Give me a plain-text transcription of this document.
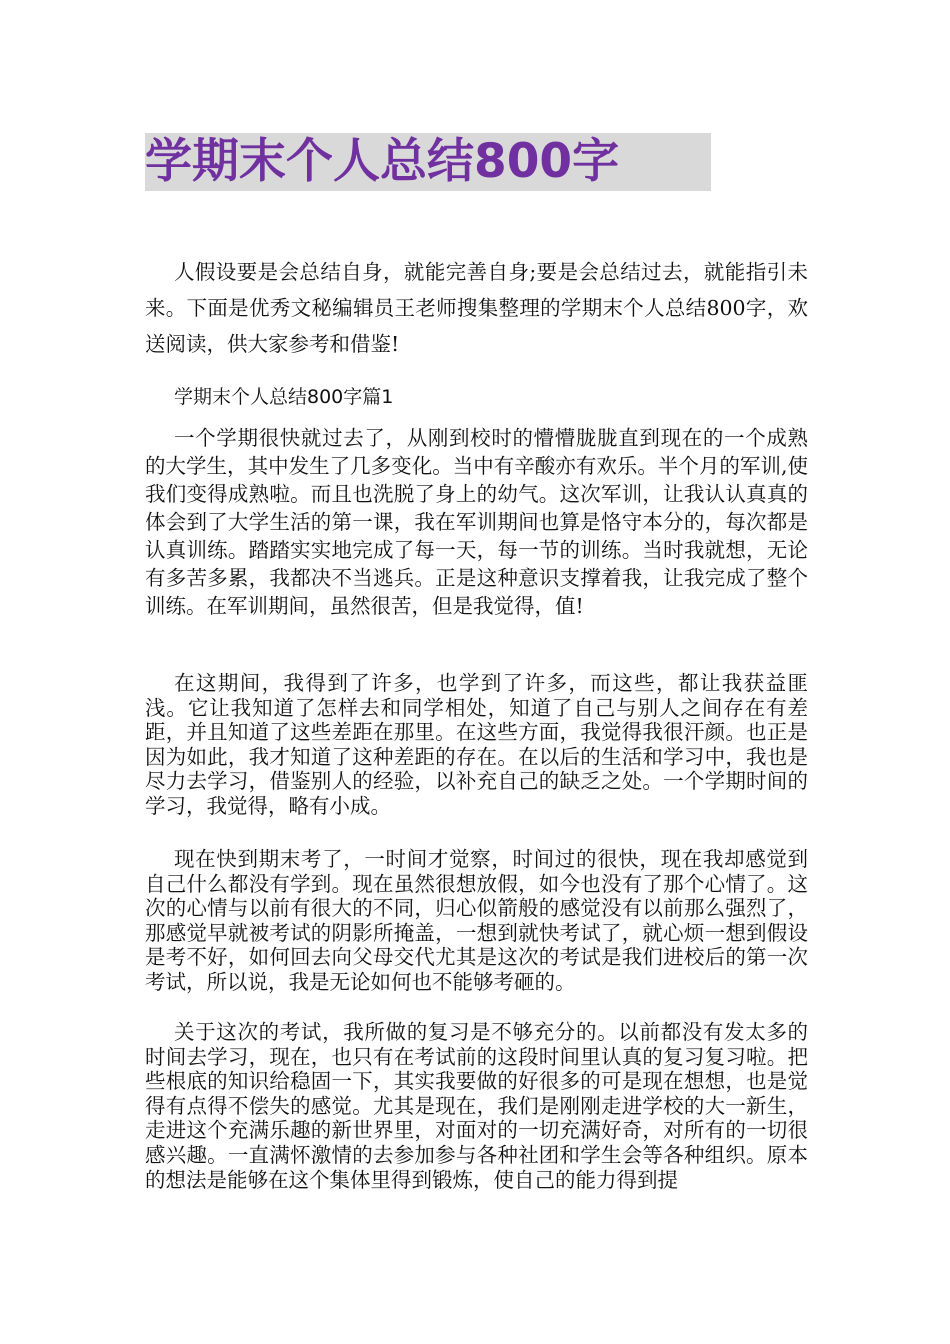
学期末个人总结800字

人假设要是会总结自身，就能完善自身;要是会总结过去，就能指引未来。下面是优秀文秘编辑员王老师搜集整理的学期末个人总结800字，欢送阅读，供大家参考和借鉴!

学期末个人总结800字篇1

一个学期很快就过去了，从刚到校时的懵懵胧胧直到现在的一个成熟的大学生，其中发生了几多变化。当中有辛酸亦有欢乐。半个月的军训,使我们变得成熟啦。而且也洗脱了身上的幼气。这次军训，让我认认真真的体会到了大学生活的第一课，我在军训期间也算是恪守本分的，每次都是认真训练。踏踏实实地完成了每一天，每一节的训练。当时我就想，无论有多苦多累，我都决不当逃兵。正是这种意识支撑着我，让我完成了整个训练。在军训期间，虽然很苦，但是我觉得，值!

在这期间，我得到了许多，也学到了许多，而这些，都让我获益匪浅。它让我知道了怎样去和同学相处，知道了自己与别人之间存在有差距，并且知道了这些差距在那里。在这些方面，我觉得我很汗颜。也正是因为如此，我才知道了这种差距的存在。在以后的生活和学习中，我也是尽力去学习，借鉴别人的经验，以补充自己的缺乏之处。一个学期时间的学习，我觉得，略有小成。

现在快到期末考了，一时间才觉察，时间过的很快，现在我却感觉到自己什么都没有学到。现在虽然很想放假，如今也没有了那个心情了。这次的心情与以前有很大的不同，归心似箭般的感觉没有以前那么强烈了，那感觉早就被考试的阴影所掩盖，一想到就快考试了，就心烦一想到假设是考不好，如何回去向父母交代尤其是这次的考试是我们进校后的第一次考试，所以说，我是无论如何也不能够考砸的。

关于这次的考试，我所做的复习是不够充分的。以前都没有发太多的时间去学习，现在，也只有在考试前的这段时间里认真的复习复习啦。把些根底的知识给稳固一下，其实我要做的好很多的可是现在想想，也是觉得有点得不偿失的感觉。尤其是现在，我们是刚刚走进学校的大一新生，走进这个充满乐趣的新世界里，对面对的一切充满好奇，对所有的一切很感兴趣。一直满怀激情的去参加参与各种社团和学生会等各种组织。原本的想法是能够在这个集体里得到锻炼，使自己的能力得到提
